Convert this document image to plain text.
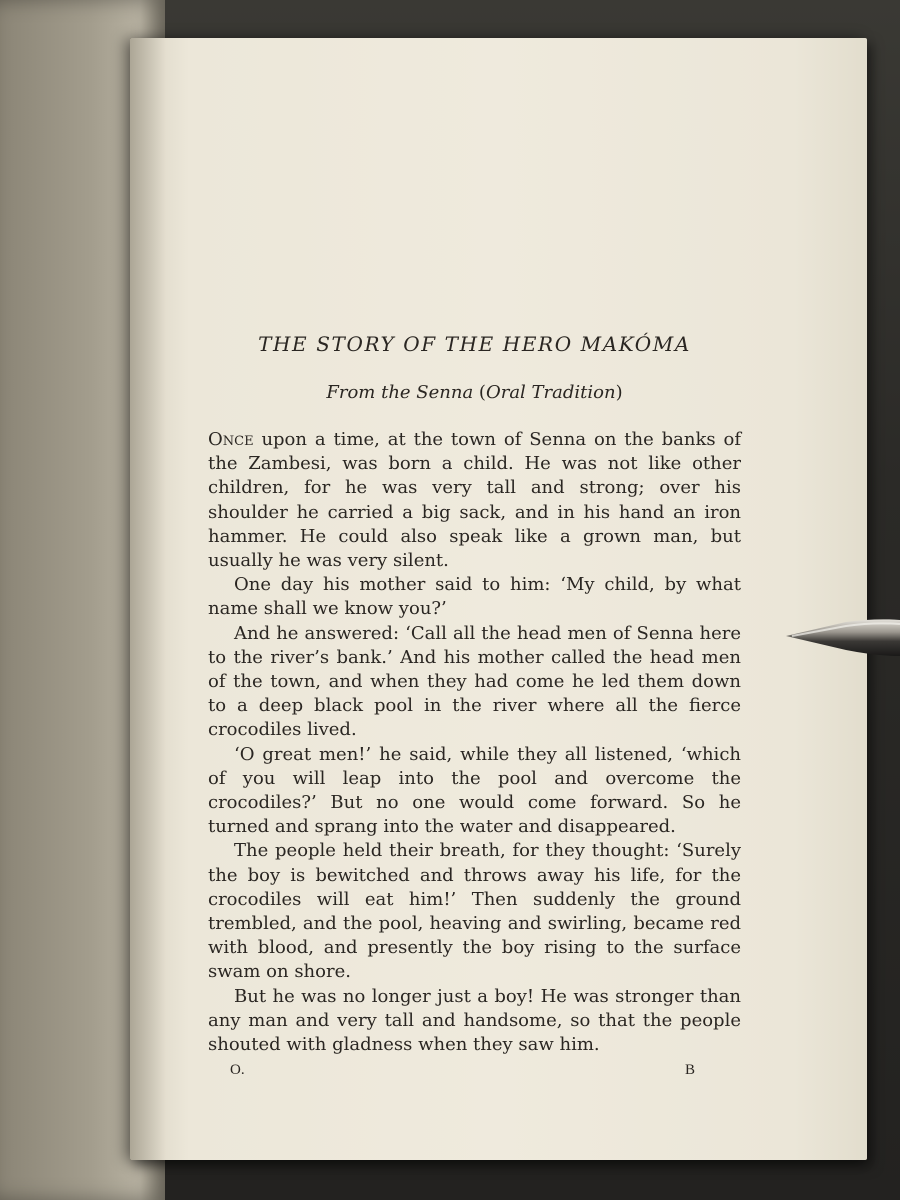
THE STORY OF THE HERO MAKÓMA
From the Senna (Oral Tradition)

Once upon a time, at the town of Senna on the banks of the Zambesi, was born a child. He was not like other children, for he was very tall and strong; over his shoulder he carried a big sack, and in his hand an iron hammer. He could also speak like a grown man, but usually he was very silent.

One day his mother said to him: ‘My child, by what name shall we know you?’

And he answered: ‘Call all the head men of Senna here to the river’s bank.’ And his mother called the head men of the town, and when they had come he led them down to a deep black pool in the river where all the fierce crocodiles lived.

‘O great men!’ he said, while they all listened, ‘which of you will leap into the pool and overcome the crocodiles?’ But no one would come forward. So he turned and sprang into the water and disappeared.

The people held their breath, for they thought: ‘Surely the boy is bewitched and throws away his life, for the crocodiles will eat him!’ Then suddenly the ground trembled, and the pool, heaving and swirling, became red with blood, and presently the boy rising to the surface swam on shore.

But he was no longer just a boy! He was stronger than any man and very tall and handsome, so that the people shouted with gladness when they saw him.

O.	B
